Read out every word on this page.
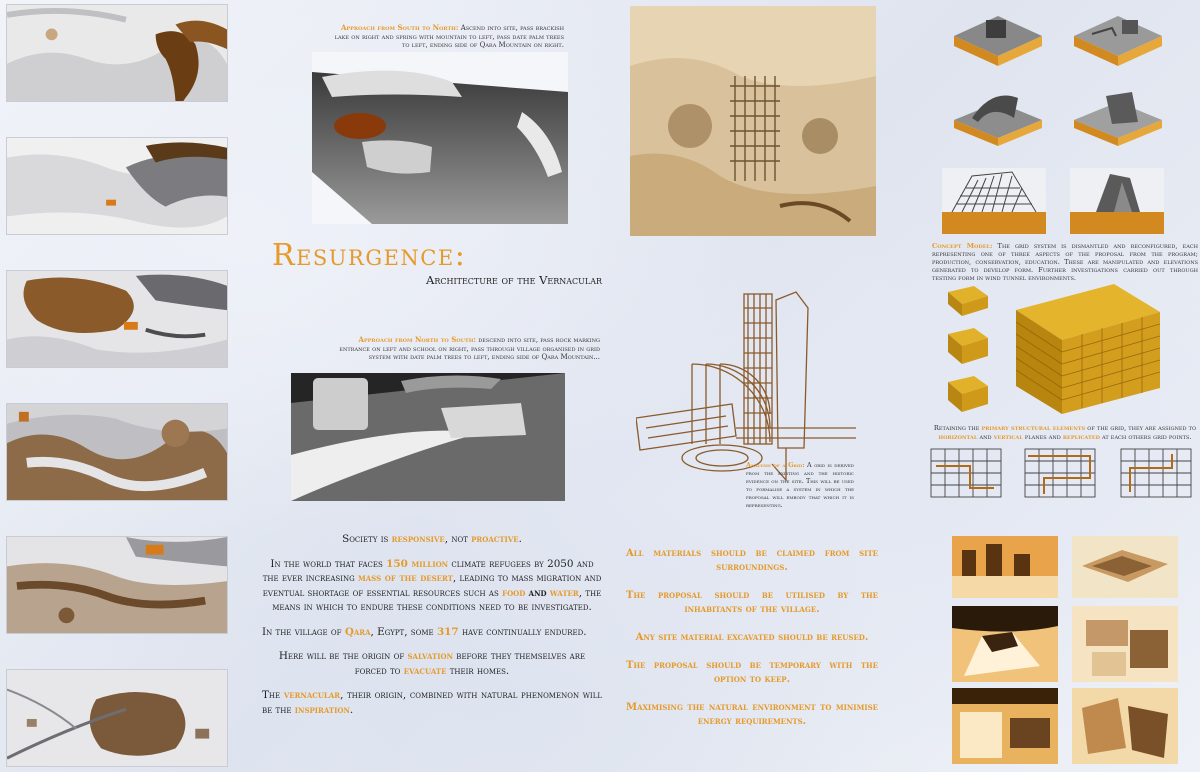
Approach from South to North: Ascend into site, pass brackish lake on right and spring with mountain to left, pass date palm trees to left, ending side of Qara Mountain on right.
Resurgence:
Architecture of the Vernacular
Approach from North to South: descend into site, pass rock marking entrance on left and school on right, pass through village organised in grid system with date palm trees to left, ending side of Qara Mountain...

Society is responsive, not proactive.

In the world that faces 150 million climate refugees by 2050 and the ever increasing mass of the desert, leading to mass migration and eventual shortage of essential resources such as food and water, the means in which to endure these conditions need to be investigated.

In the village of Qara, Egypt, some 317 have continually endured.

Here will be the origin of salvation before they themselves are forced to evacuate their homes.

The vernacular, their origin, combined with natural phenomenon will be the inspiration.

Analysis of a Grid: A grid is derived from the existing and the historic evidence on the site. This will be used to formalise a system in which the proposal will embody that which it is representing.

All materials should be claimed from site surroundings.

The proposal should be utilised by the inhabitants of the village.

Any site material excavated should be reused.

The proposal should be temporary with the option to keep.

Maximising the natural environment to minimise energy requirements.

Concept Model: The grid system is dismantled and reconfigured, each representing one of three aspects of the proposal from the program; production, conservation, education. These are manipulated and elevations generated to develop form. Further investigations carried out through testing form in wind tunnel environments.
Retaining the primary structural elements of the grid, they are assigned to horizontal and vertical planes and replicated at each others grid points.
